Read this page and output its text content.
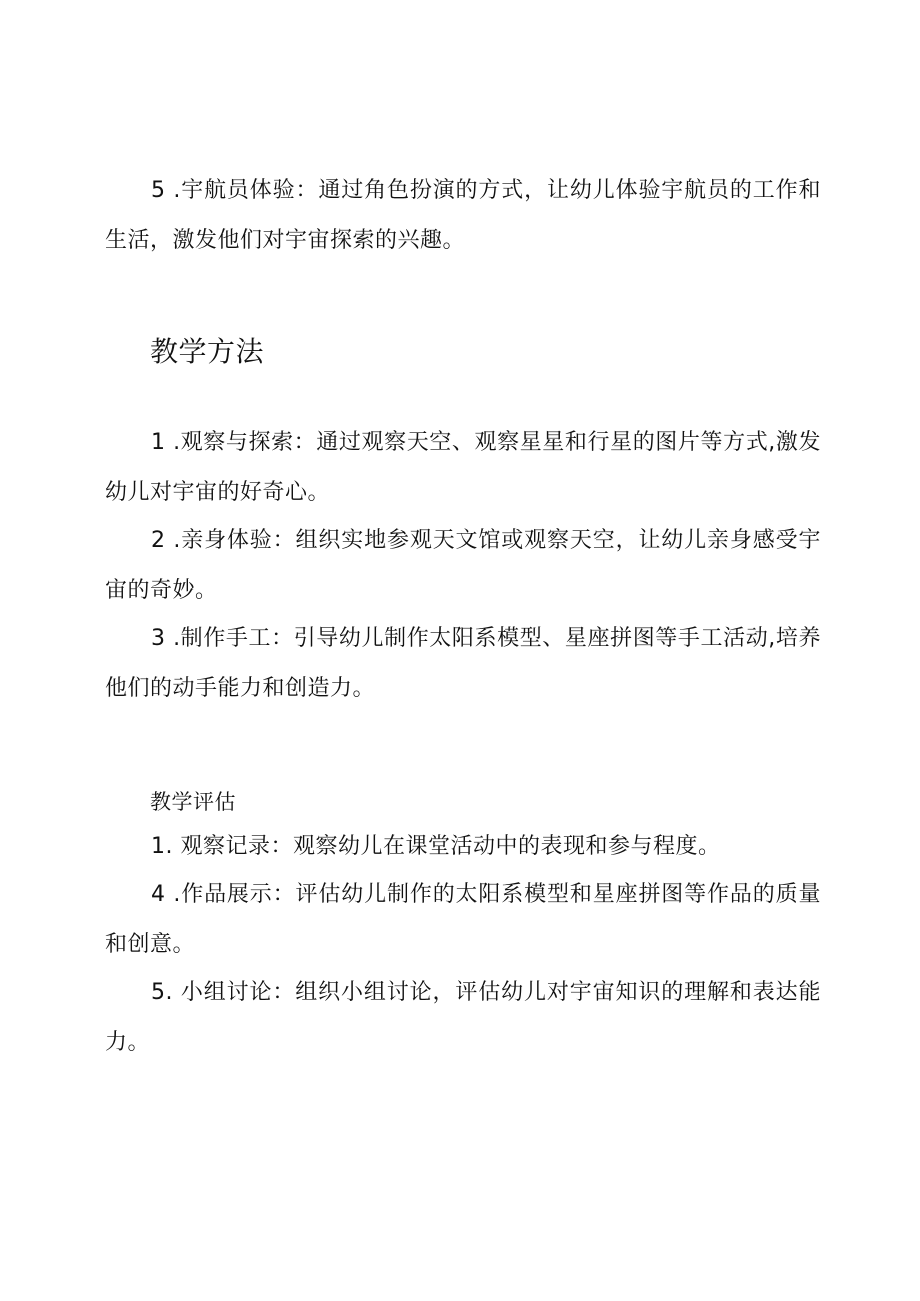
5 .宇航员体验：通过角色扮演的方式，让幼儿体验宇航员的工作和生活，激发他们对宇宙探索的兴趣。

教学方法

1 .观察与探索：通过观察天空、观察星星和行星的图片等方式,激发幼儿对宇宙的好奇心。

2 .亲身体验：组织实地参观天文馆或观察天空，让幼儿亲身感受宇宙的奇妙。

3 .制作手工：引导幼儿制作太阳系模型、星座拼图等手工活动,培养他们的动手能力和创造力。

教学评估

1. 观察记录：观察幼儿在课堂活动中的表现和参与程度。

4 .作品展示：评估幼儿制作的太阳系模型和星座拼图等作品的质量和创意。

5. 小组讨论：组织小组讨论，评估幼儿对宇宙知识的理解和表达能力。
